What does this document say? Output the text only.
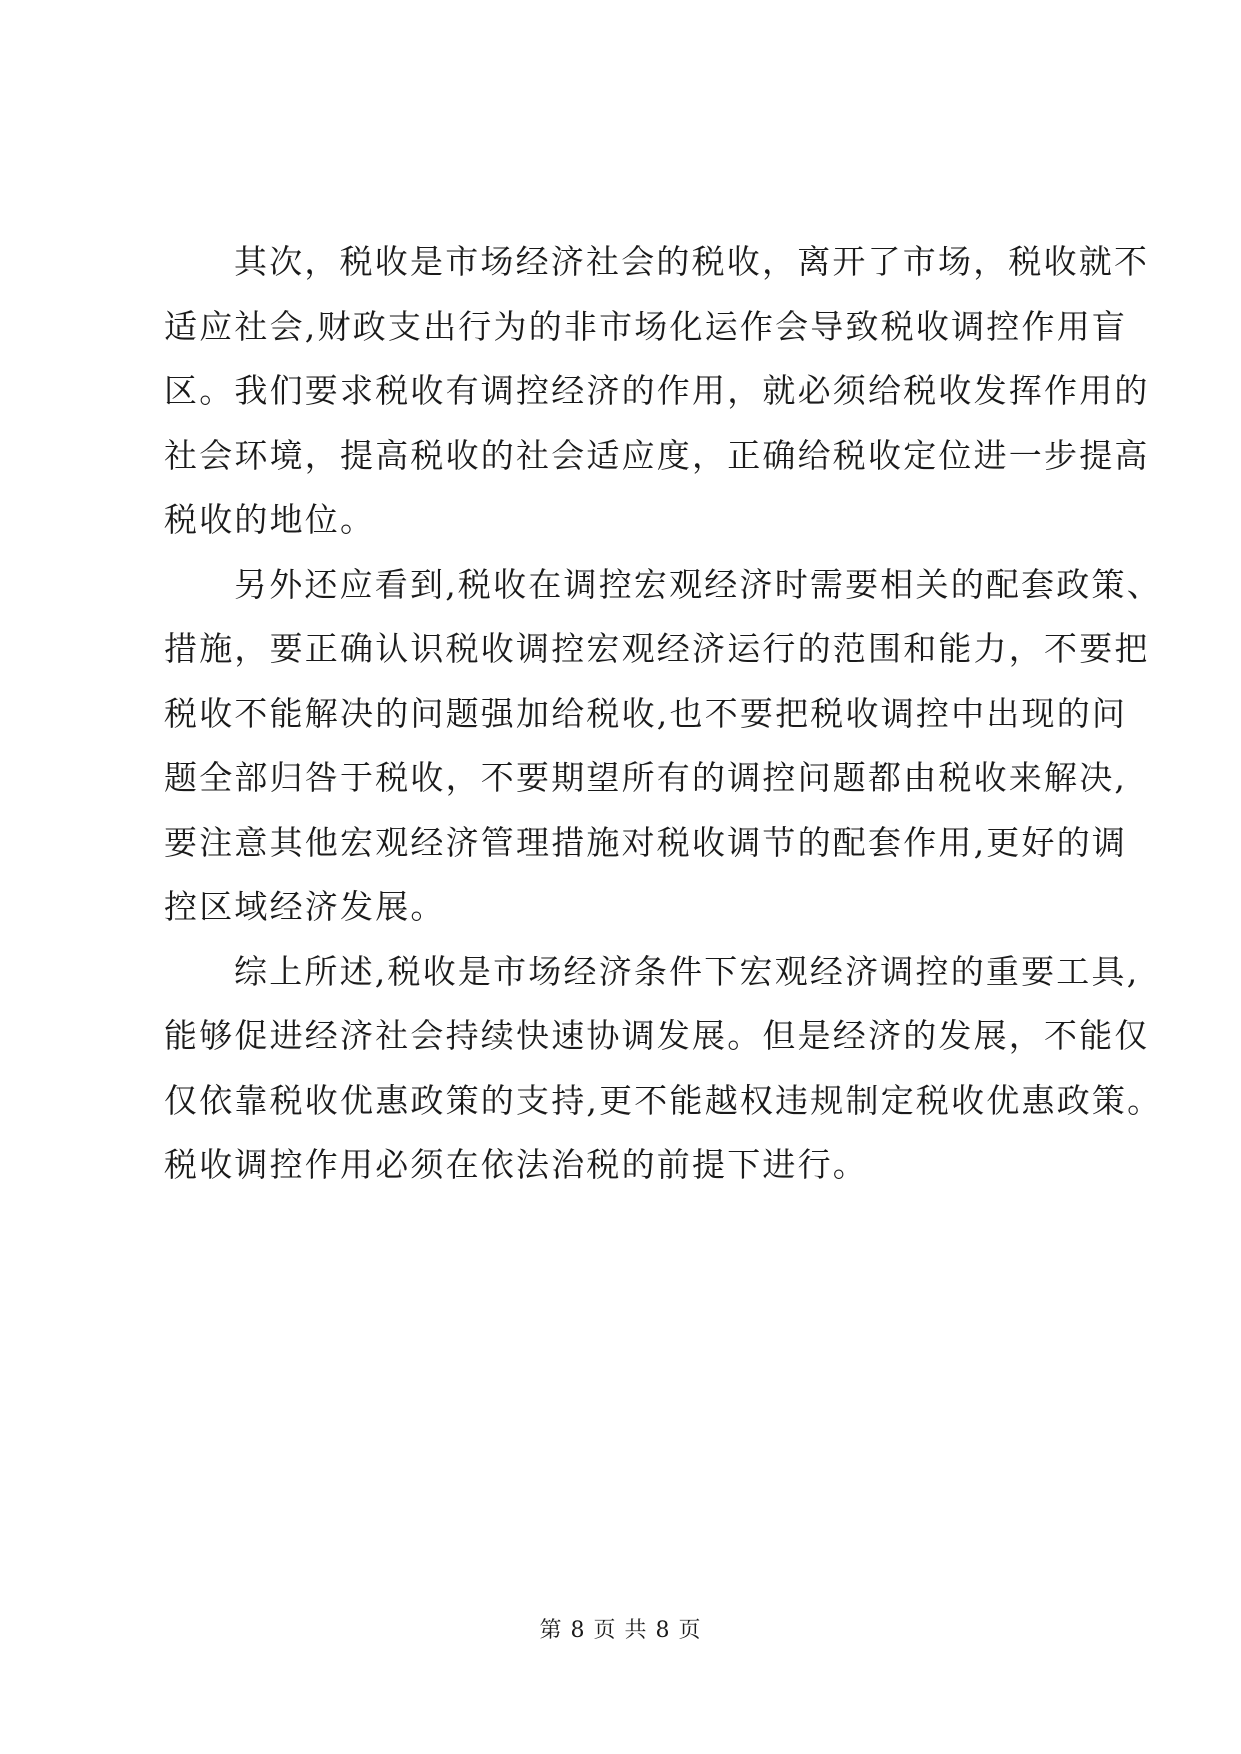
其次，税收是市场经济社会的税收，离开了市场，税收就不
适应社会,财政支出行为的非市场化运作会导致税收调控作用盲
区。我们要求税收有调控经济的作用，就必须给税收发挥作用的
社会环境，提高税收的社会适应度，正确给税收定位进一步提高
税收的地位。
另外还应看到,税收在调控宏观经济时需要相关的配套政策、
措施，要正确认识税收调控宏观经济运行的范围和能力，不要把
税收不能解决的问题强加给税收,也不要把税收调控中出现的问
题全部归咎于税收，不要期望所有的调控问题都由税收来解决,
要注意其他宏观经济管理措施对税收调节的配套作用,更好的调
控区域经济发展。
综上所述,税收是市场经济条件下宏观经济调控的重要工具,
能够促进经济社会持续快速协调发展。但是经济的发展，不能仅
仅依靠税收优惠政策的支持,更不能越权违规制定税收优惠政策。
税收调控作用必须在依法治税的前提下进行。
第 8 页 共 8 页
